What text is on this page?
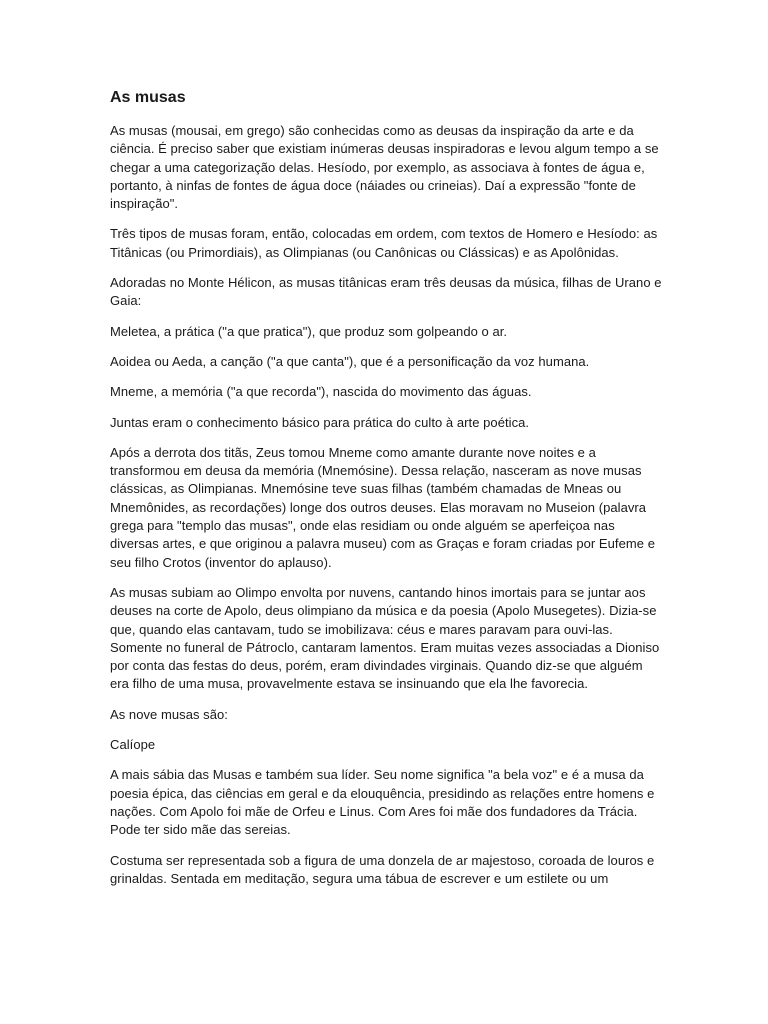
As musas

As musas (mousai, em grego) são conhecidas como as deusas da inspiração da arte e da ciência. É preciso saber que existiam inúmeras deusas inspiradoras e levou algum tempo a se chegar a uma categorização delas. Hesíodo, por exemplo, as associava à fontes de água e, portanto, à ninfas de fontes de água doce (náiades ou crineias). Daí a expressão "fonte de inspiração".

Três tipos de musas foram, então, colocadas em ordem, com textos de Homero e Hesíodo: as Titânicas (ou Primordiais), as Olimpianas (ou Canônicas ou Clássicas) e as Apolônidas.

Adoradas no Monte Hélicon, as musas titânicas eram três deusas da música, filhas de Urano e Gaia:

Meletea, a prática ("a que pratica"), que produz som golpeando o ar.

Aoidea ou Aeda, a canção ("a que canta"), que é a personificação da voz humana.

Mneme, a memória ("a que recorda"), nascida do movimento das águas.

Juntas eram o conhecimento básico para prática do culto à arte poética.

Após a derrota dos titãs, Zeus tomou Mneme como amante durante nove noites e a transformou em deusa da memória (Mnemósine). Dessa relação, nasceram as nove musas clássicas, as Olimpianas. Mnemósine teve suas filhas (também chamadas de Mneas ou Mnemônides, as recordações) longe dos outros deuses. Elas moravam no Museion (palavra grega para "templo das musas", onde elas residiam ou onde alguém se aperfeiçoa nas diversas artes, e que originou a palavra museu) com as Graças e foram criadas por Eufeme e seu filho Crotos (inventor do aplauso).

As musas subiam ao Olimpo envolta por nuvens, cantando hinos imortais para se juntar aos deuses na corte de Apolo, deus olimpiano da música e da poesia (Apolo Musegetes). Dizia-se que, quando elas cantavam, tudo se imobilizava: céus e mares paravam para ouvi-las. Somente no funeral de Pátroclo, cantaram lamentos. Eram muitas vezes associadas a Dioniso por conta das festas do deus, porém, eram divindades virginais. Quando diz-se que alguém era filho de uma musa, provavelmente estava se insinuando que ela lhe favorecia.

As nove musas são:

Calíope

A mais sábia das Musas e também sua líder. Seu nome significa "a bela voz" e é a musa da poesia épica, das ciências em geral e da elouquência, presidindo as relações entre homens e nações. Com Apolo foi mãe de Orfeu e Linus. Com Ares foi mãe dos fundadores da Trácia. Pode ter sido mãe das sereias.

Costuma ser representada sob a figura de uma donzela de ar majestoso, coroada de louros e grinaldas. Sentada em meditação, segura uma tábua de escrever e um estilete ou um
